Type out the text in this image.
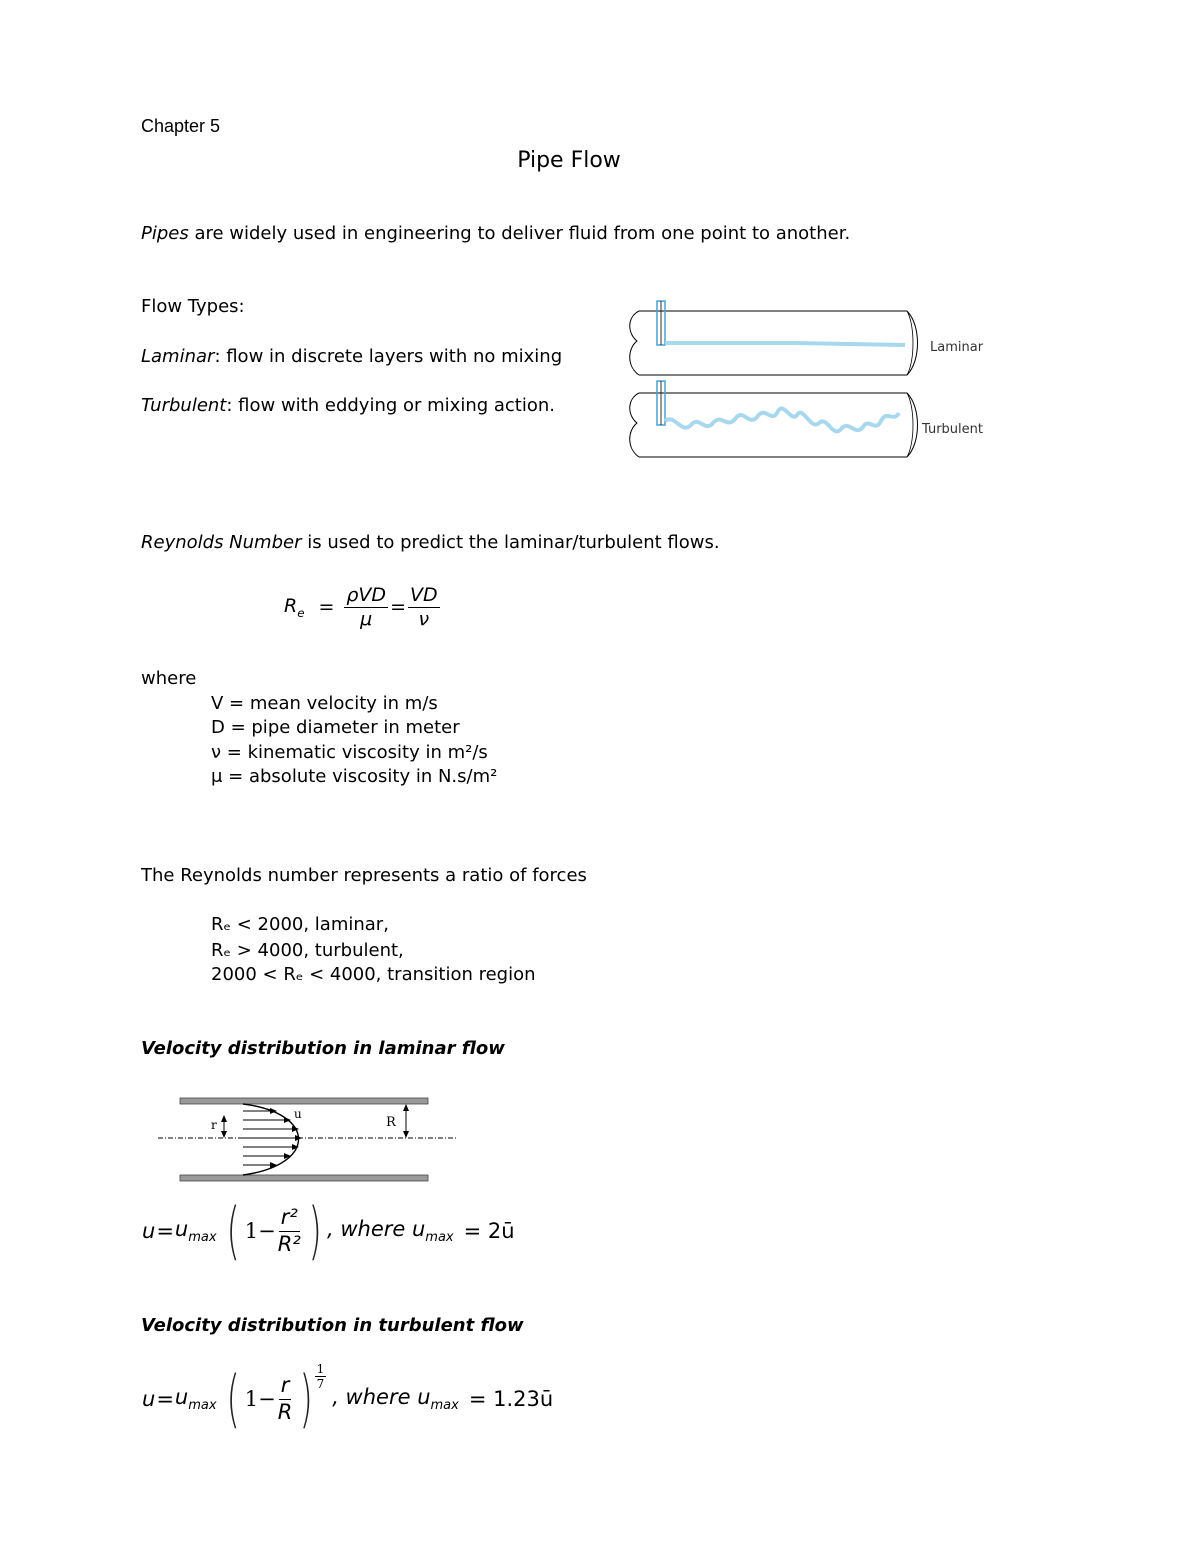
Chapter 5
Pipe Flow
Pipes are widely used in engineering to deliver fluid from one point to another.
Flow Types:
Laminar: flow in discrete layers with no mixing
Turbulent: flow with eddying or mixing action.
Laminar
Turbulent
Reynolds Number is used to predict the laminar/turbulent flows.
$R_e = \frac{\text{ρVD}}{\mu} = \frac{VD}{\nu}$
where
V = mean velocity in m/s
D = pipe diameter in meter
ν = kinematic viscosity in m²/s
μ = absolute viscosity in N.s/m²
The Reynolds number represents a ratio of forces
Rₑ < 2000, laminar,
Rₑ > 4000, turbulent,
2000 < Rₑ < 4000, transition region
Velocity distribution in laminar flow
r
u
R
$u = u_{max}$ ( $1- \frac{\text{r²}}{\text{R²}}$ ) , where $u_{max}$ = 2ū
Velocity distribution in turbulent flow
$u = u_{max}$ ( $1- \frac{r}{R}$ ) $\frac{1}{7}$
, where $u_{max}$ = 1.23ū
